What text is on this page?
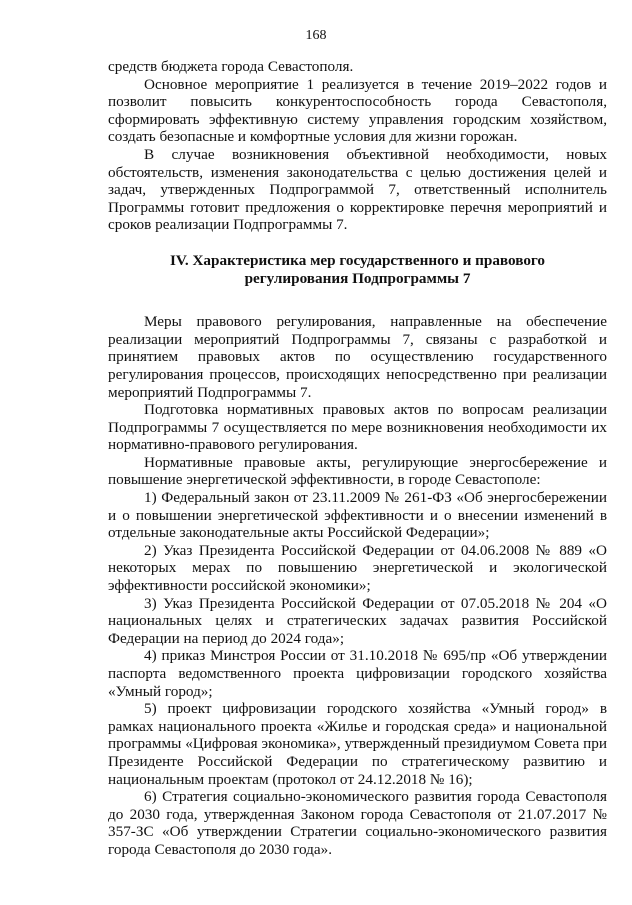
168

средств бюджета города Севастополя.

Основное мероприятие 1 реализуется в течение 2019–2022 годов и позволит повысить конкурентоспособность города Севастополя, сформировать эффективную систему управления городским хозяйством, создать безопасные и комфортные условия для жизни горожан.

В случае возникновения объективной необходимости, новых обстоятельств, изменения законодательства с целью достижения целей и задач, утвержденных Подпрограммой 7, ответственный исполнитель Программы готовит предложения о корректировке перечня мероприятий и сроков реализации Подпрограммы 7.

IV. Характеристика мер государственного и правового
регулирования Подпрограммы 7

Меры правового регулирования, направленные на обеспечение реализации мероприятий Подпрограммы 7, связаны с разработкой и принятием правовых актов по осуществлению государственного регулирования процессов, происходящих непосредственно при реализации мероприятий Подпрограммы 7.

Подготовка нормативных правовых актов по вопросам реализации Подпрограммы 7 осуществляется по мере возникновения необходимости их нормативно-правового регулирования.

Нормативные правовые акты, регулирующие энергосбережение и повышение энергетической эффективности, в городе Севастополе:

1) Федеральный закон от 23.11.2009 № 261-ФЗ «Об энергосбережении и о повышении энергетической эффективности и о внесении изменений в отдельные законодательные акты Российской Федерации»;

2) Указ Президента Российской Федерации от 04.06.2008 № 889 «О некоторых мерах по повышению энергетической и экологической эффективности российской экономики»;

3) Указ Президента Российской Федерации от 07.05.2018 № 204 «О национальных целях и стратегических задачах развития Российской Федерации на период до 2024 года»;

4) приказ Минстроя России от 31.10.2018 № 695/пр «Об утверждении паспорта ведомственного проекта цифровизации городского хозяйства «Умный город»;

5) проект цифровизации городского хозяйства «Умный город» в рамках национального проекта «Жилье и городская среда» и национальной программы «Цифровая экономика», утвержденный президиумом Совета при Президенте Российской Федерации по стратегическому развитию и национальным проектам (протокол от 24.12.2018 № 16);

6) Стратегия социально-экономического развития города Севастополя до 2030 года, утвержденная Законом города Севастополя от 21.07.2017 № 357-ЗС «Об утверждении Стратегии социально-экономического развития города Севастополя до 2030 года».
